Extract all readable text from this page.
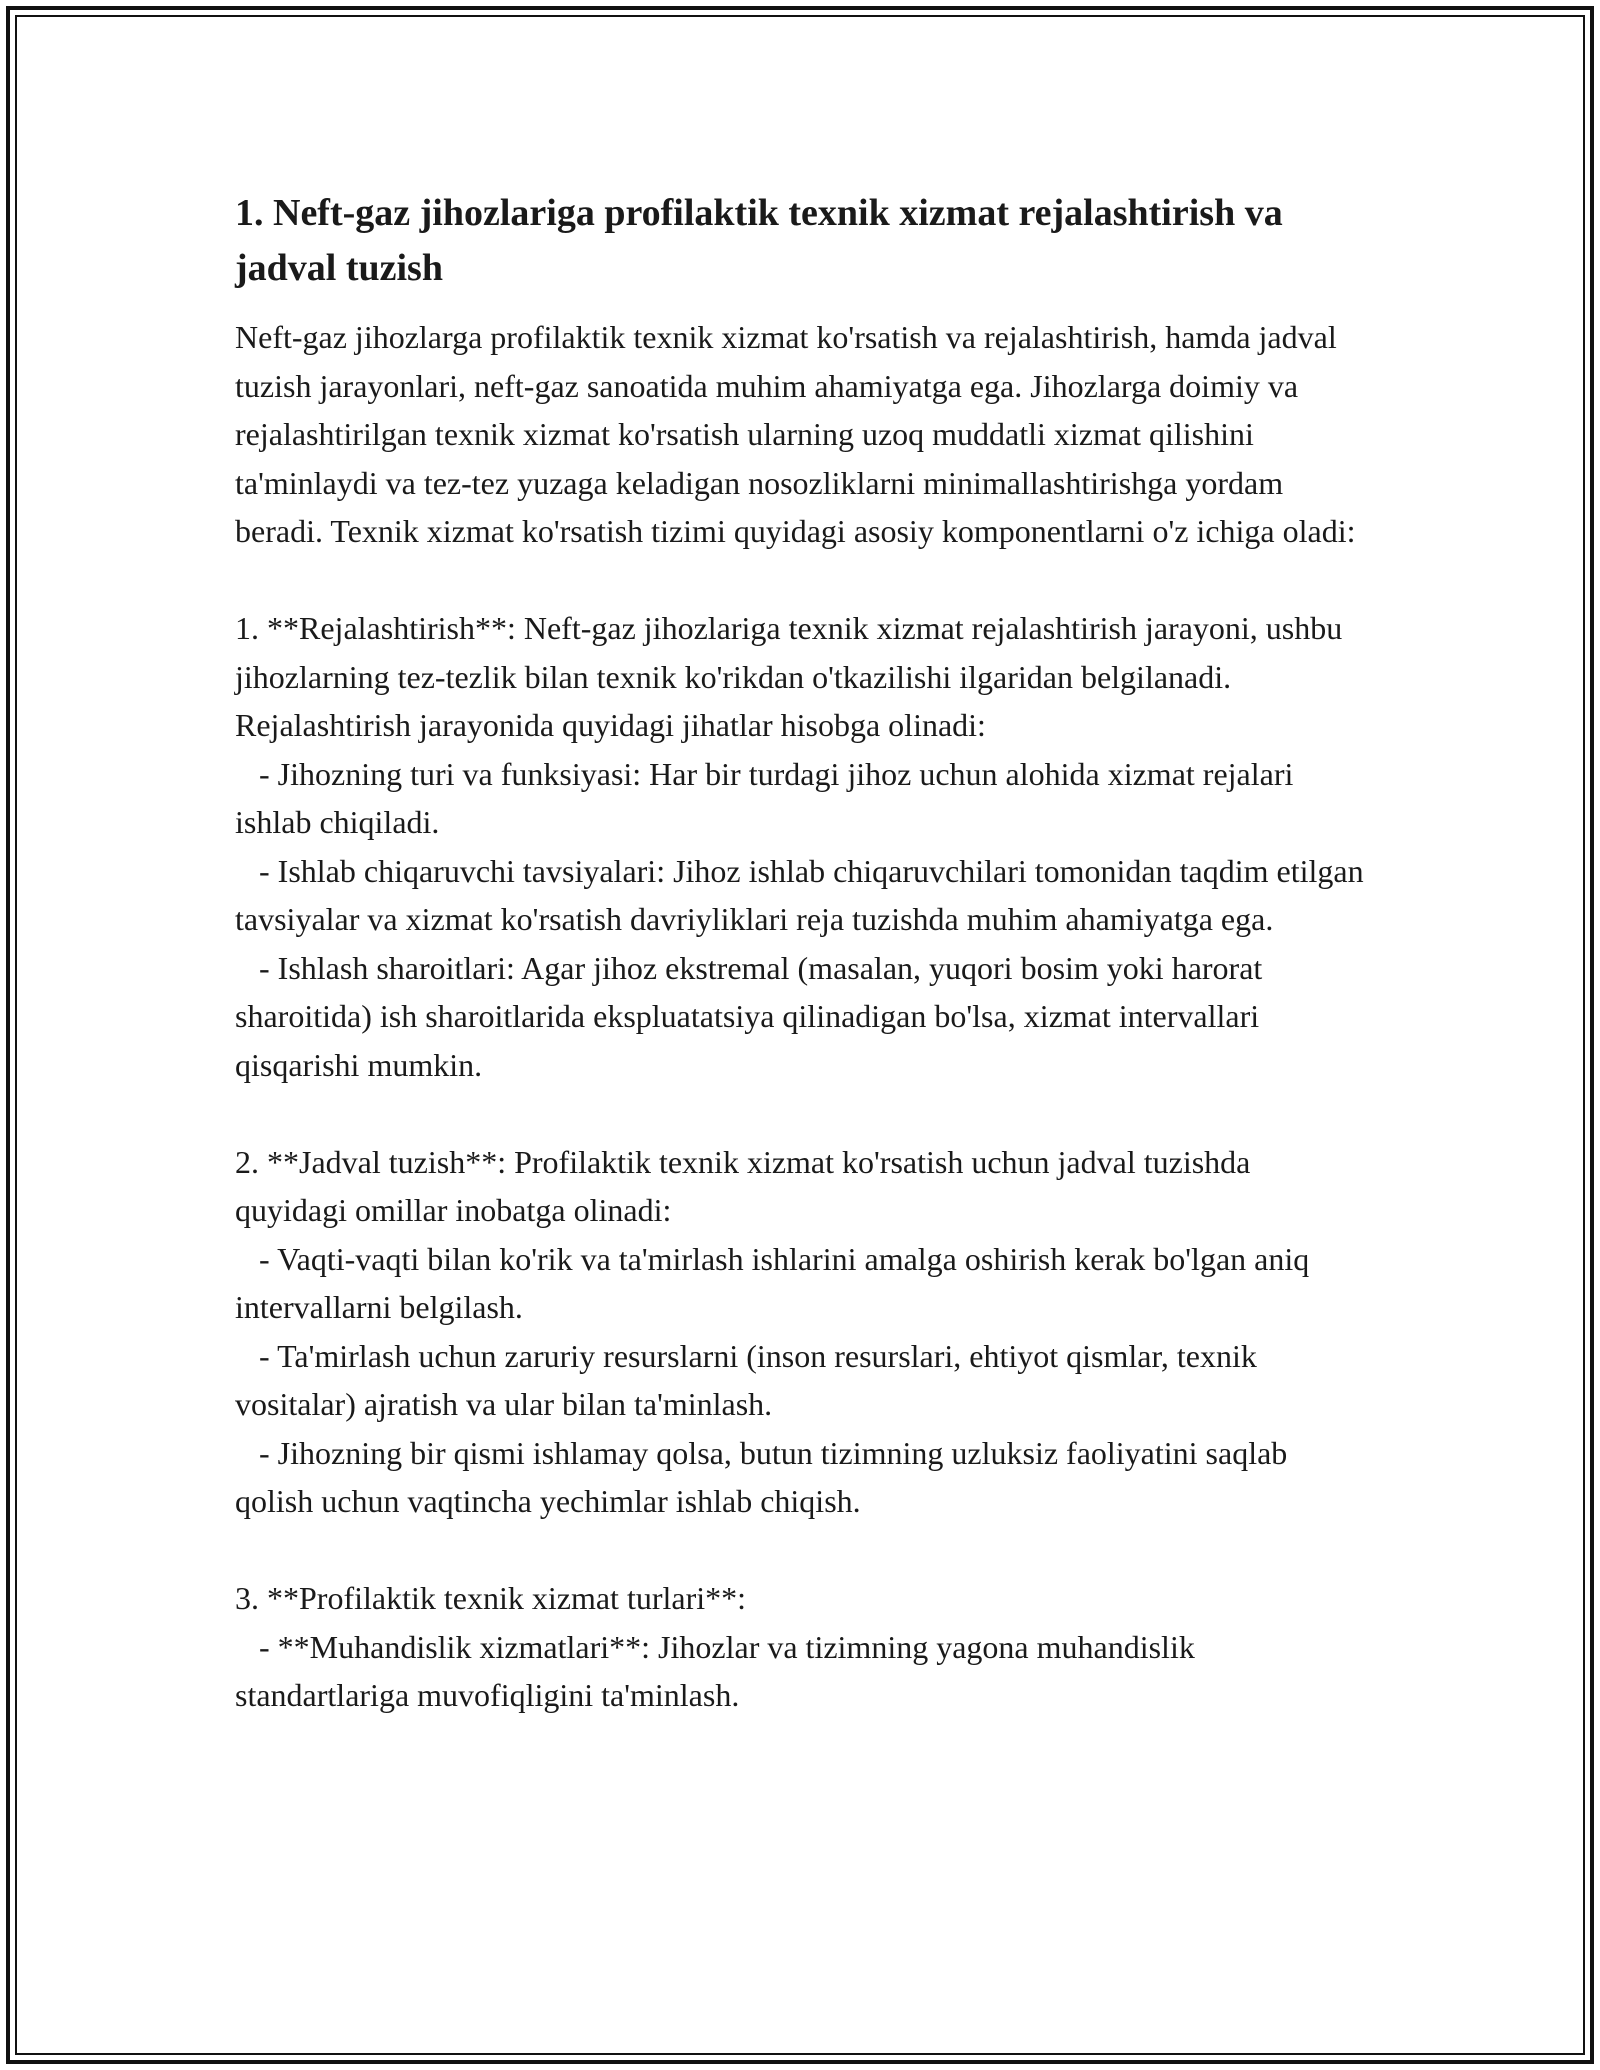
1. Neft-gaz jihozlariga profilaktik texnik xizmat rejalashtirish va jadval tuzish

Neft-gaz jihozlarga profilaktik texnik xizmat ko'rsatish va rejalashtirish, hamda jadval tuzish jarayonlari, neft-gaz sanoatida muhim ahamiyatga ega. Jihozlarga doimiy va rejalashtirilgan texnik xizmat ko'rsatish ularning uzoq muddatli xizmat qilishini ta'minlaydi va tez-tez yuzaga keladigan nosozliklarni minimallashtirishga yordam beradi. Texnik xizmat ko'rsatish tizimi quyidagi asosiy komponentlarni o'z ichiga oladi:

1. **Rejalashtirish**: Neft-gaz jihozlariga texnik xizmat rejalashtirish jarayoni, ushbu jihozlarning tez-tezlik bilan texnik ko'rikdan o'tkazilishi ilgaridan belgilanadi. Rejalashtirish jarayonida quyidagi jihatlar hisobga olinadi:

- Jihozning turi va funksiyasi: Har bir turdagi jihoz uchun alohida xizmat rejalari ishlab chiqiladi.

- Ishlab chiqaruvchi tavsiyalari: Jihoz ishlab chiqaruvchilari tomonidan taqdim etilgan tavsiyalar va xizmat ko'rsatish davriyliklari reja tuzishda muhim ahamiyatga ega.

- Ishlash sharoitlari: Agar jihoz ekstremal (masalan, yuqori bosim yoki harorat sharoitida) ish sharoitlarida ekspluatatsiya qilinadigan bo'lsa, xizmat intervallari qisqarishi mumkin.

2. **Jadval tuzish**: Profilaktik texnik xizmat ko'rsatish uchun jadval tuzishda quyidagi omillar inobatga olinadi:

- Vaqti-vaqti bilan ko'rik va ta'mirlash ishlarini amalga oshirish kerak bo'lgan aniq intervallarni belgilash.

- Ta'mirlash uchun zaruriy resurslarni (inson resurslari, ehtiyot qismlar, texnik vositalar) ajratish va ular bilan ta'minlash.

- Jihozning bir qismi ishlamay qolsa, butun tizimning uzluksiz faoliyatini saqlab qolish uchun vaqtincha yechimlar ishlab chiqish.

3. **Profilaktik texnik xizmat turlari**:

- **Muhandislik xizmatlari**: Jihozlar va tizimning yagona muhandislik standartlariga muvofiqligini ta'minlash.
